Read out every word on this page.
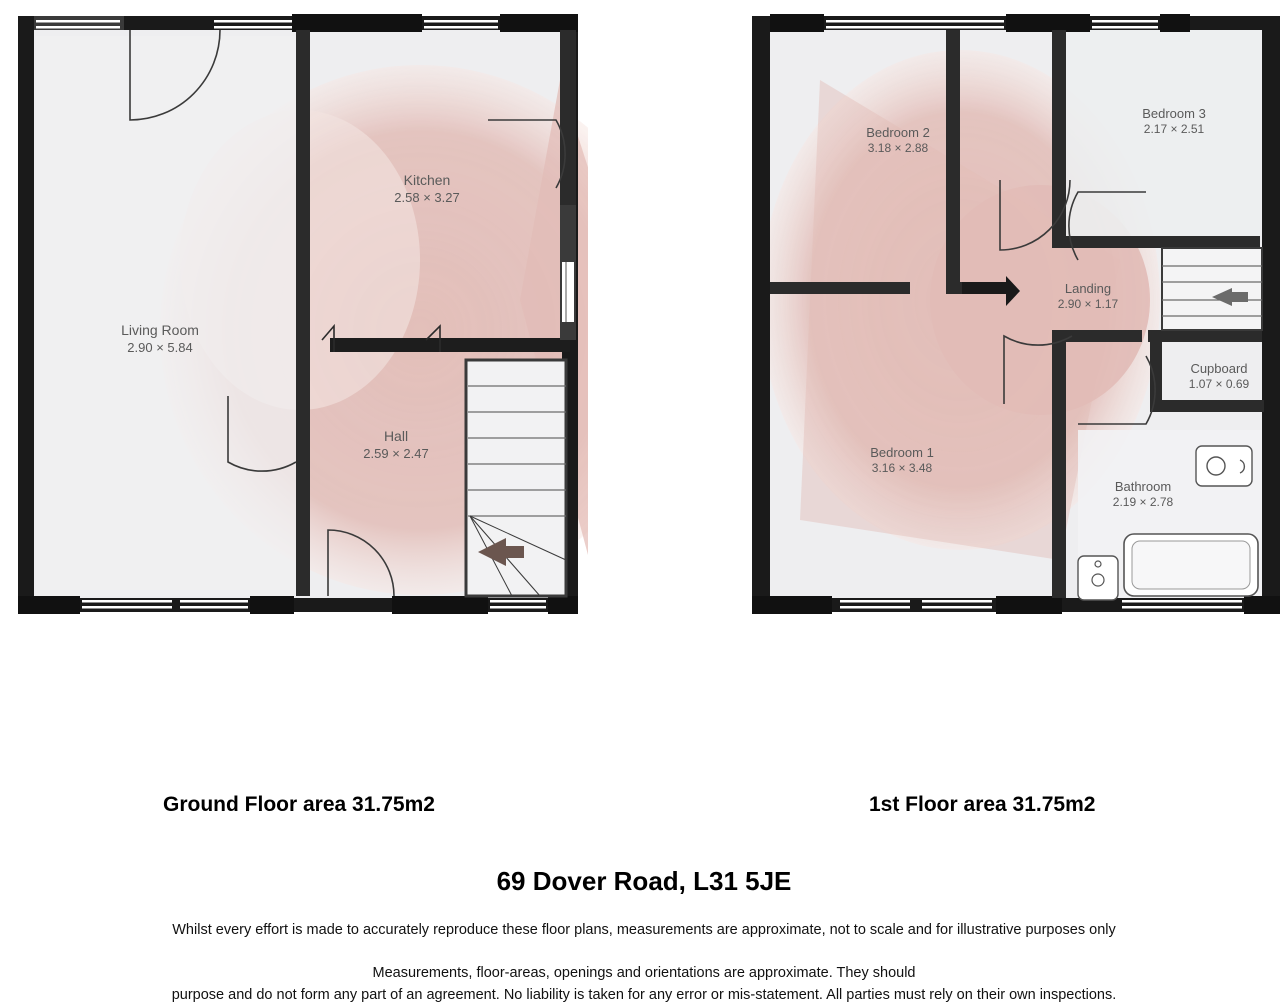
Living Room
2.90 × 5.84
Kitchen
2.58 × 3.27
Hall
2.59 × 2.47
Bedroom 3
2.17 × 2.51
Bedroom 2
3.18 × 2.88
Landing
2.90 × 1.17
Cupboard
1.07 × 0.69
Bedroom 1
3.16 × 3.48
Bathroom
2.19 × 2.78
Ground Floor area 31.75m2	1st Floor area 31.75m2
69 Dover Road, L31 5JE
Whilst every effort is made to accurately reproduce these floor plans, measurements are approximate, not to scale and for illustrative purposes only
Measurements, floor-areas, openings and orientations are approximate. They should
purpose and do not form any part of an agreement. No liability is taken for any error or mis-statement. All parties must rely on their own inspections.
